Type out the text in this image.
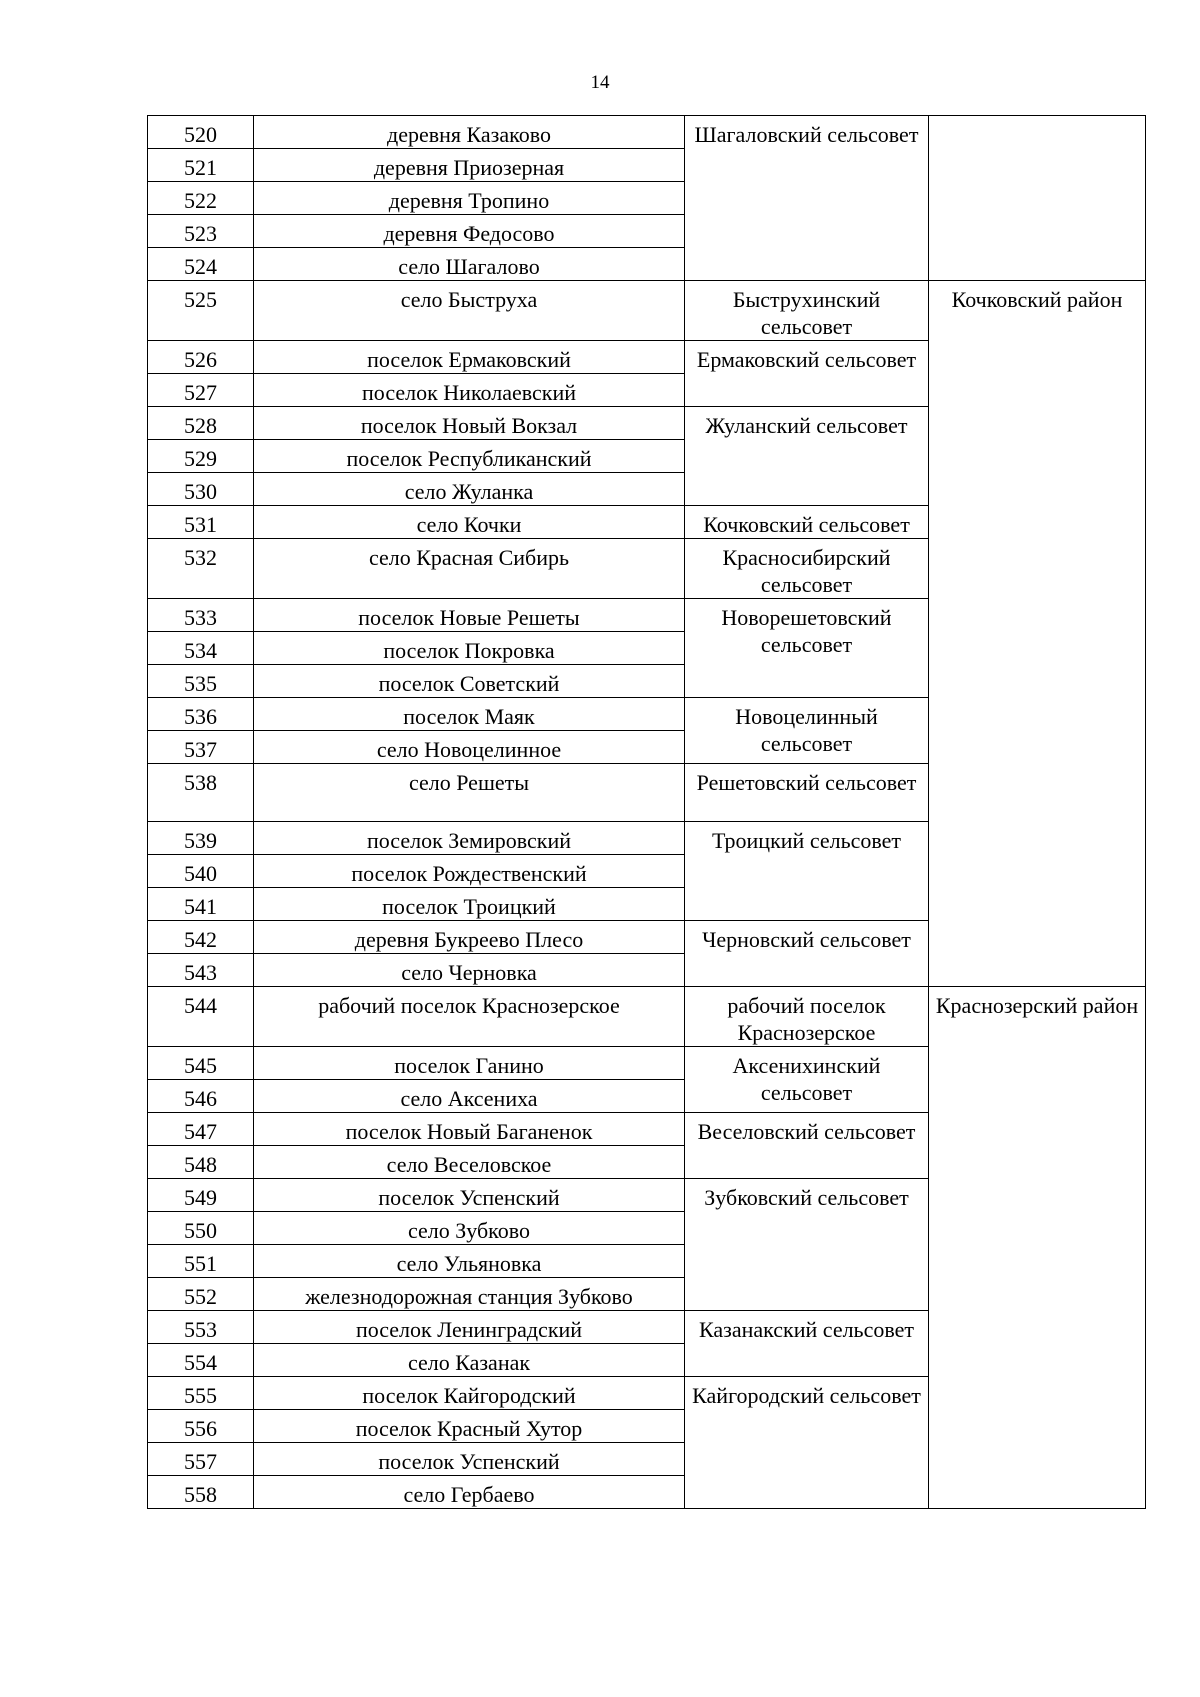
14
520	деревня Казаково	Шагаловский сельсовет	
521	деревня Приозерная		
522	деревня Тропино		
523	деревня Федосово		
524	село Шагалово		
525	село Быструха	Быструхинский сельсовет	Кочковский район
526	поселок Ермаковский	Ермаковский сельсовет	
527	поселок Николаевский		
528	поселок Новый Вокзал	Жуланский сельсовет	
529	поселок Республиканский		
530	село Жуланка		
531	село Кочки	Кочковский сельсовет	
532	село Красная Сибирь	Красносибирский сельсовет	
533	поселок Новые Решеты	Новорешетовский сельсовет	
534	поселок Покровка		
535	поселок Советский		
536	поселок Маяк	Новоцелинный сельсовет	
537	село Новоцелинное		
538	село Решеты	Решетовский сельсовет	
539	поселок Земировский	Троицкий сельсовет	
540	поселок Рождественский		
541	поселок Троицкий		
542	деревня Букреево Плесо	Черновский сельсовет	
543	село Черновка		
544	рабочий поселок Краснозерское	рабочий поселок Краснозерское	Краснозерский район
545	поселок Ганино	Аксенихинский сельсовет	
546	село Аксениха		
547	поселок Новый Баганенок	Веселовский сельсовет	
548	село Веселовское		
549	поселок Успенский	Зубковский сельсовет	
550	село Зубково		
551	село Ульяновка		
552	железнодорожная станция Зубково		
553	поселок Ленинградский	Казанакский сельсовет	
554	село Казанак		
555	поселок Кайгородский	Кайгородский сельсовет	
556	поселок Красный Хутор		
557	поселок Успенский		
558	село Гербаево		
